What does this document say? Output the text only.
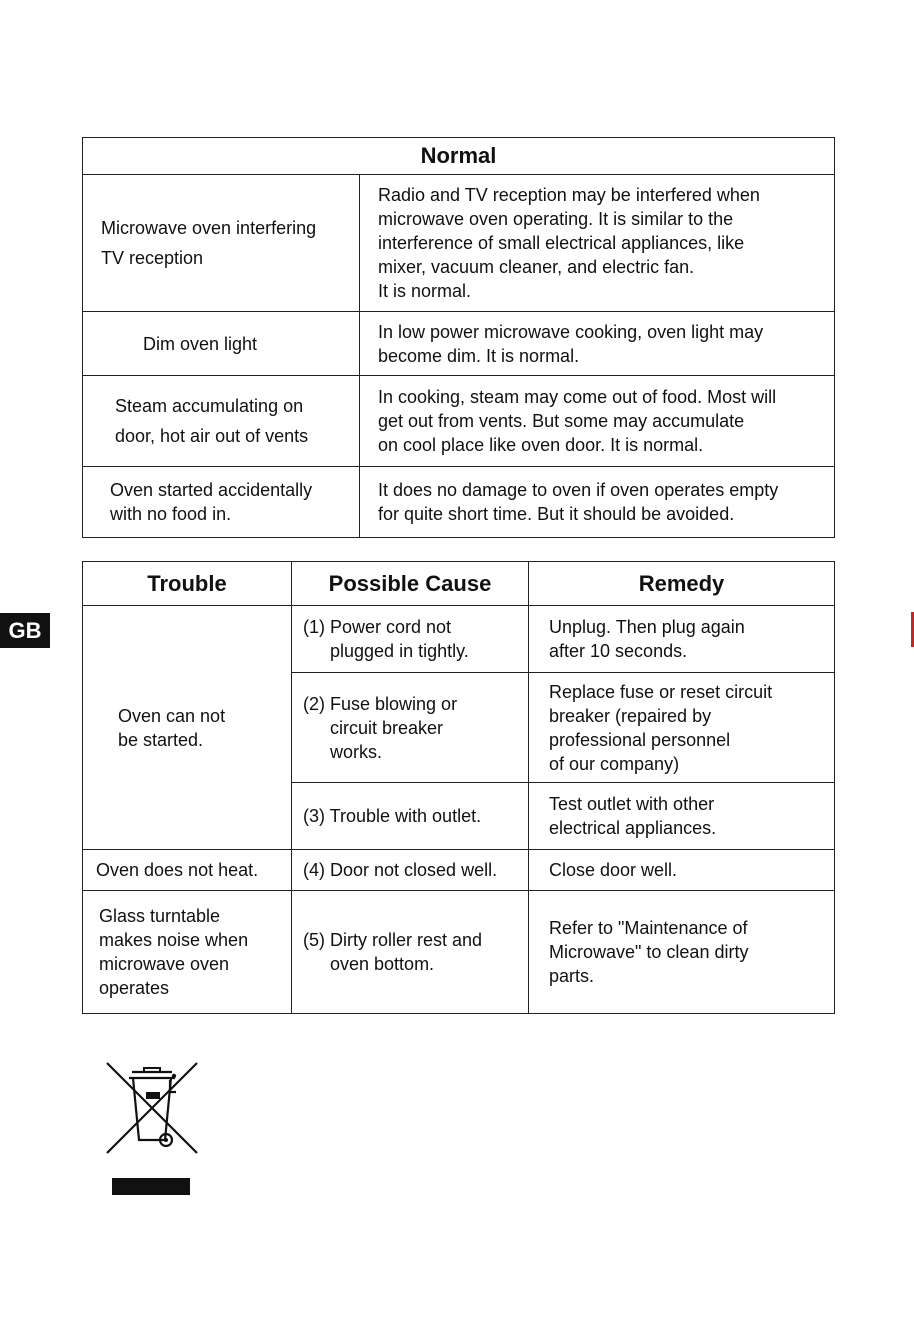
GB
Normal	

Microwave oven interfering
TV reception	Radio and TV reception may be interfered when
microwave oven operating. It is similar to the
interference of small electrical appliances, like
mixer, vacuum cleaner, and electric fan.
It is normal.

Dim oven light	In low power microwave cooking, oven light may
become dim. It is normal.

Steam accumulating on
door, hot air out of vents	In cooking, steam may come out of food. Most will
get out from vents. But some may accumulate
on cool place like oven door. It is normal.

Oven started accidentally
with no food in.	It does no damage to oven if oven operates empty
for quite short time. But it should be avoided.
Trouble	Possible Cause	Remedy

Oven can not
be started.	(1) Power cord not
plugged in tightly.	Unplug. Then plug again
after 10 seconds.

	(2) Fuse blowing or
circuit breaker
works.	Replace fuse or reset circuit
breaker (repaired by
professional personnel
of our company)

	(3) Trouble with outlet.	Test outlet with other
electrical appliances.

Oven does not heat.	(4) Door not closed well.	Close door well.

Glass turntable
makes noise when
microwave oven
operates	(5) Dirty roller rest and
oven bottom.	Refer to "Maintenance of
Microwave" to clean dirty
parts.
